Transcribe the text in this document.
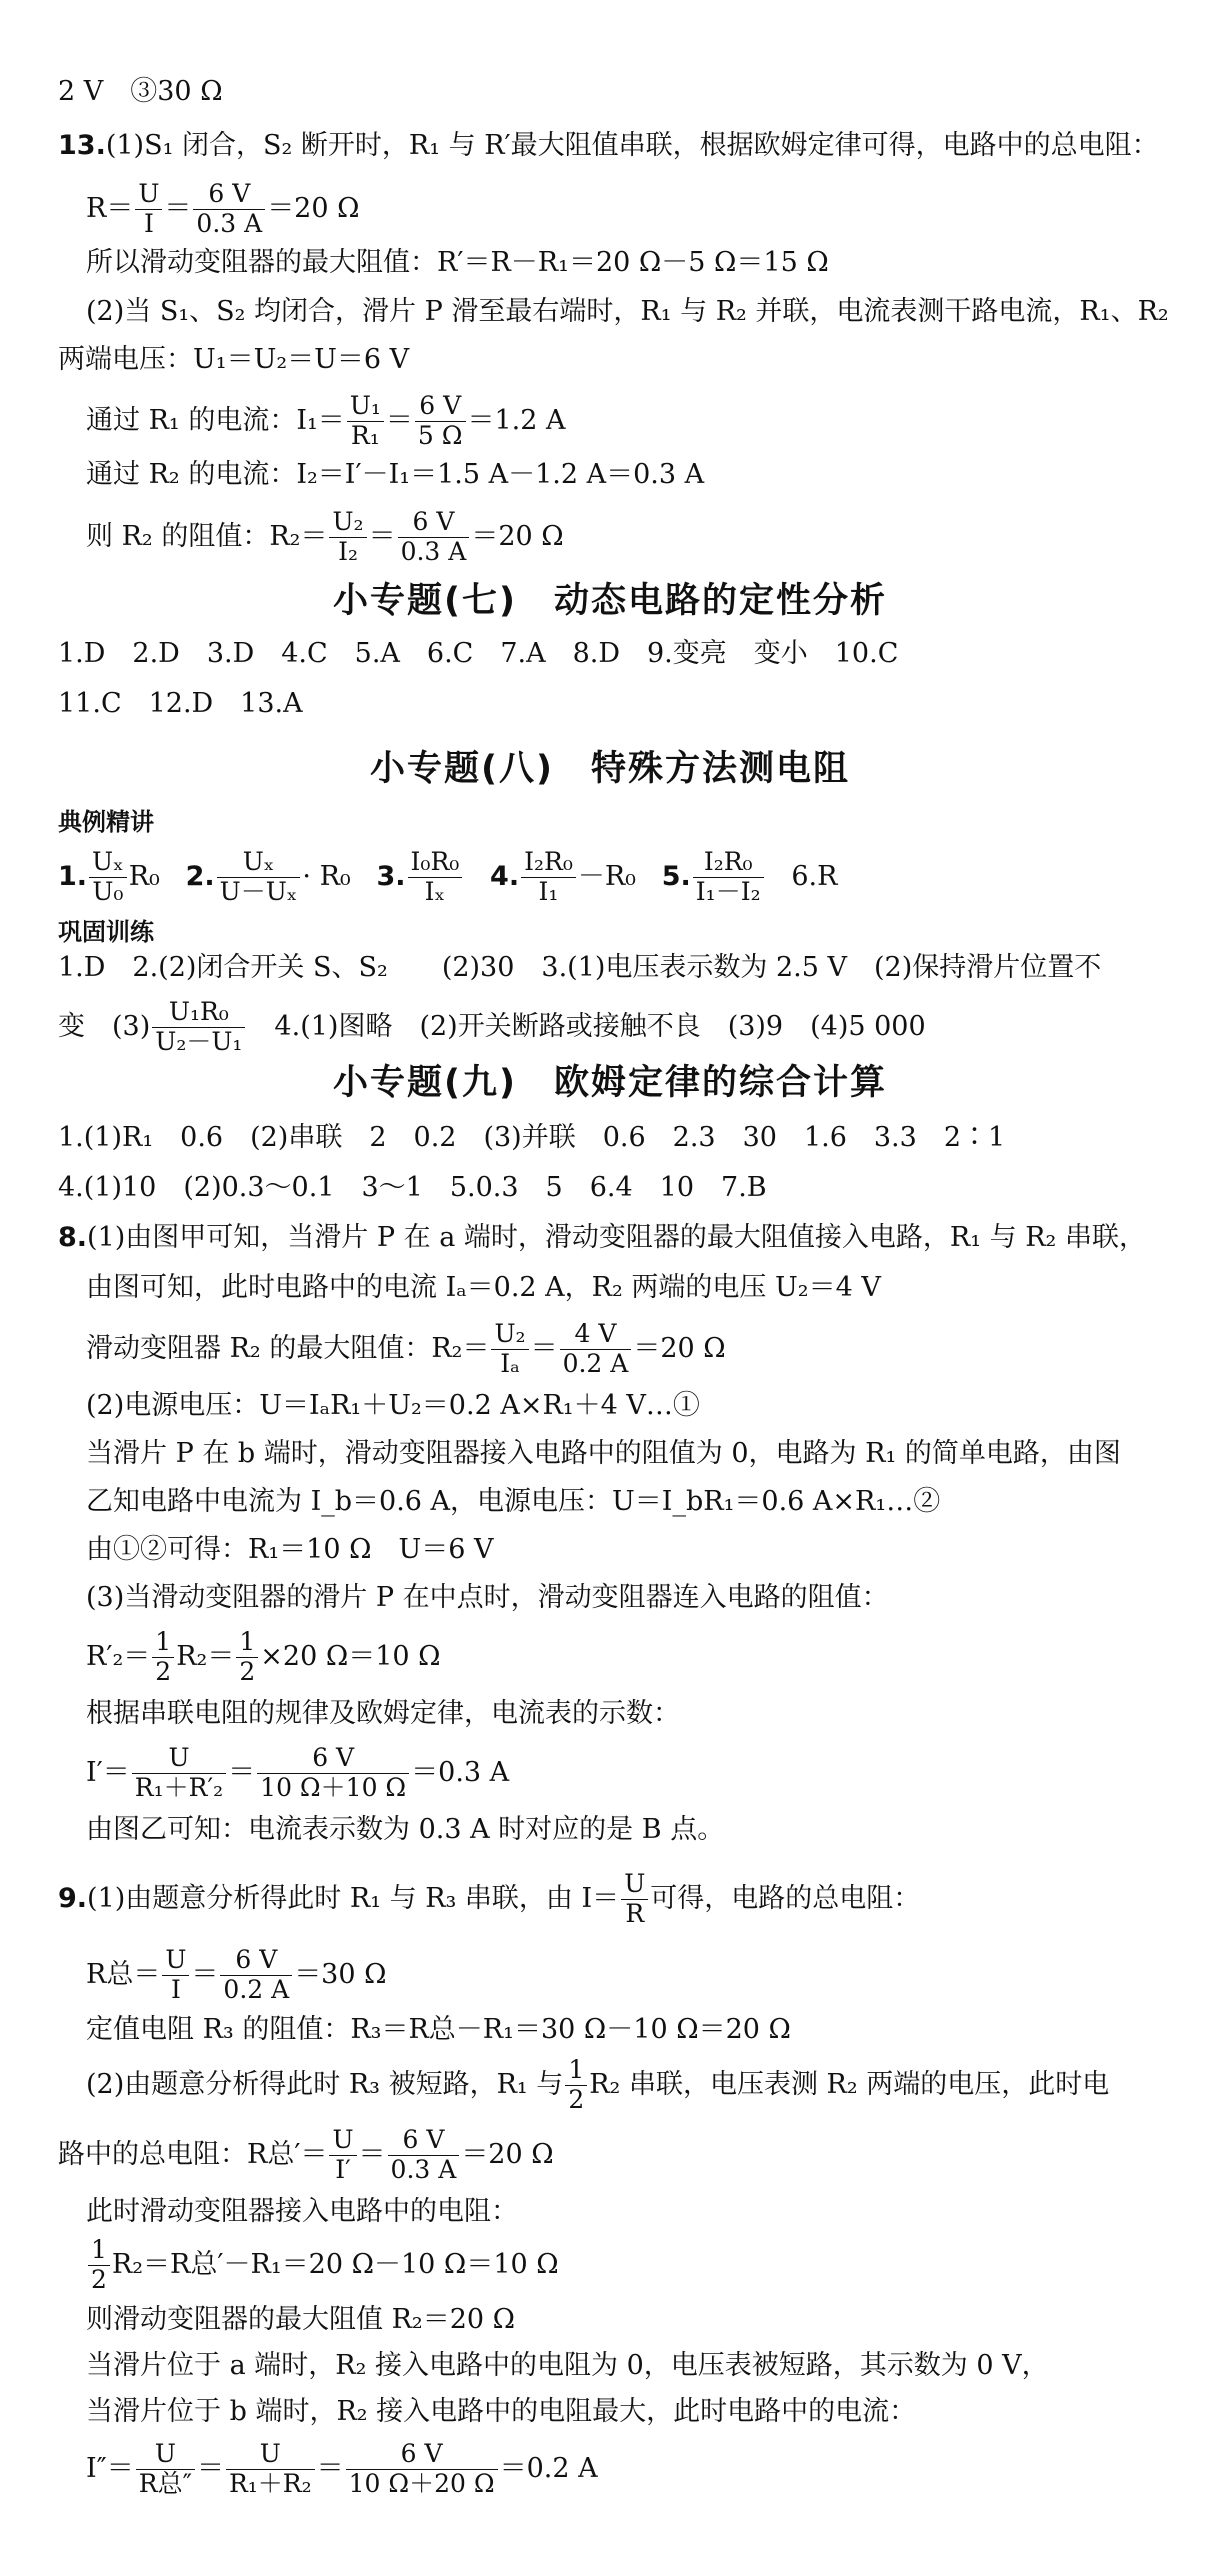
2 V　③30 Ω
13.(1)S₁ 闭合，S₂ 断开时，R₁ 与 R′最大阻值串联，根据欧姆定律可得，电路中的总电阻：
$R= \frac{U}{I} = \frac{6 V}{0.3 A} =20$ Ω
所以滑动变阻器的最大阻值：R′＝R－R₁＝20 Ω－5 Ω＝15 Ω
(2)当 S₁、S₂ 均闭合，滑片 P 滑至最右端时，R₁ 与 R₂ 并联，电流表测干路电流，R₁、R₂
两端电压：U₁＝U₂＝U＝6 V
通过 R₁ 的电流：$I_1= \frac{\text{U₁}}{\text{R₁}} = \frac{6 V}{5 \Omega} =1.2$ A
通过 R₂ 的电流：I₂＝I′－I₁＝1.5 A－1.2 A＝0.3 A
则 R₂ 的阻值：$R_2= \frac{\text{U₂}}{\text{I₂}} = \frac{6 V}{0.3 A} =20$ Ω
小专题(七)　动态电路的定性分析
1.D　2.D　3.D　4.C　5.A　6.C　7.A　8.D　9.变亮　变小　10.C
11.C　12.D　13.A
小专题(八)　特殊方法测电阻
典例精讲
1. $\frac{\text{Uₓ}}{\text{U₀}} R_0$ 2. $\frac{\text{Uₓ}}{\text{U－Uₓ}} \cdot R_0$ 3. $\frac{\text{I₀R₀}}{\text{Iₓ}} 4$. $\frac{\text{I₂R₀}}{\text{I₁}} -R_0$ 5. $\frac{\text{I₂R₀}}{\text{I₁－I₂}} 6.R$
巩固训练
1.D　2.(2)闭合开关 S、S₂　　(2)30　3.(1)电压表示数为 2.5 V　(2)保持滑片位置不
变　$(3) \frac{\text{U₁R₀}}{\text{U₂－U₁}}$ 　4.(1)图略　(2)开关断路或接触不良　(3)9　(4)5 000
小专题(九)　欧姆定律的综合计算
1.(1)R₁　0.6　(2)串联　2　0.2　(3)并联　0.6　2.3　30　1.6　3.3　2∶1
4.(1)10　(2)0.3～0.1　3～1　5.0.3　5　6.4　10　7.B
8.(1)由图甲可知，当滑片 P 在 a 端时，滑动变阻器的最大阻值接入电路，R₁ 与 R₂ 串联，
由图可知，此时电路中的电流 Iₐ＝0.2 A，R₂ 两端的电压 U₂＝4 V
滑动变阻器 R₂ 的最大阻值：$R_2= \frac{\text{U₂}}{\text{Iₐ}} = \frac{4 V}{0.2 A} =20$ Ω
(2)电源电压：U＝IₐR₁＋U₂＝0.2 A×R₁＋4 V…①
当滑片 P 在 b 端时，滑动变阻器接入电路中的阻值为 0，电路为 R₁ 的简单电路，由图
乙知电路中电流为 I_b＝0.6 A，电源电压：U＝I_bR₁＝0.6 A×R₁…②
由①②可得：R₁＝10 Ω　U＝6 V
(3)当滑动变阻器的滑片 P 在中点时，滑动变阻器连入电路的阻值：
$R'_2= \frac{1}{2} R_2= \frac{1}{2} \times 20$ Ω＝10 Ω
根据串联电阻的规律及欧姆定律，电流表的示数：
$I'= \frac{U}{\text{R₁＋R′₂}} = \frac{6 V}{10 \Omega+10 \Omega} =0.3$ A
由图乙可知：电流表示数为 0.3 A 时对应的是 B 点。
9.(1)由题意分析得此时 R₁ 与 R₃ 串联，由 $I= \frac{U}{R}$ 可得，电路的总电阻：
R总＝ $\frac{U}{I} = \frac{6 V}{0.2 A} =30$ Ω
定值电阻 R₃ 的阻值：R₃＝R总－R₁＝30 Ω－10 Ω＝20 Ω
(2)由题意分析得此时 R₃ 被短路，R₁ 与 $\frac{1}{2} R_2$ 串联，电压表测 R₂ 两端的电压，此时电
路中的总电阻：R总′＝ $\frac{U}{I'} = \frac{6 V}{0.3 A} =20$ Ω
此时滑动变阻器接入电路中的电阻：
$\frac{1}{2} R_2=R$总′－R₁＝20 Ω－10 Ω＝10 Ω
则滑动变阻器的最大阻值 R₂＝20 Ω
当滑片位于 a 端时，R₂ 接入电路中的电阻为 0，电压表被短路，其示数为 0 V，
当滑片位于 b 端时，R₂ 接入电路中的电阻最大，此时电路中的电流：
$I''= \frac{U}{\text{R总″}} = \frac{U}{\text{R₁＋R₂}} = \frac{6 V}{10 \Omega+20 \Omega} =0.2$ A
